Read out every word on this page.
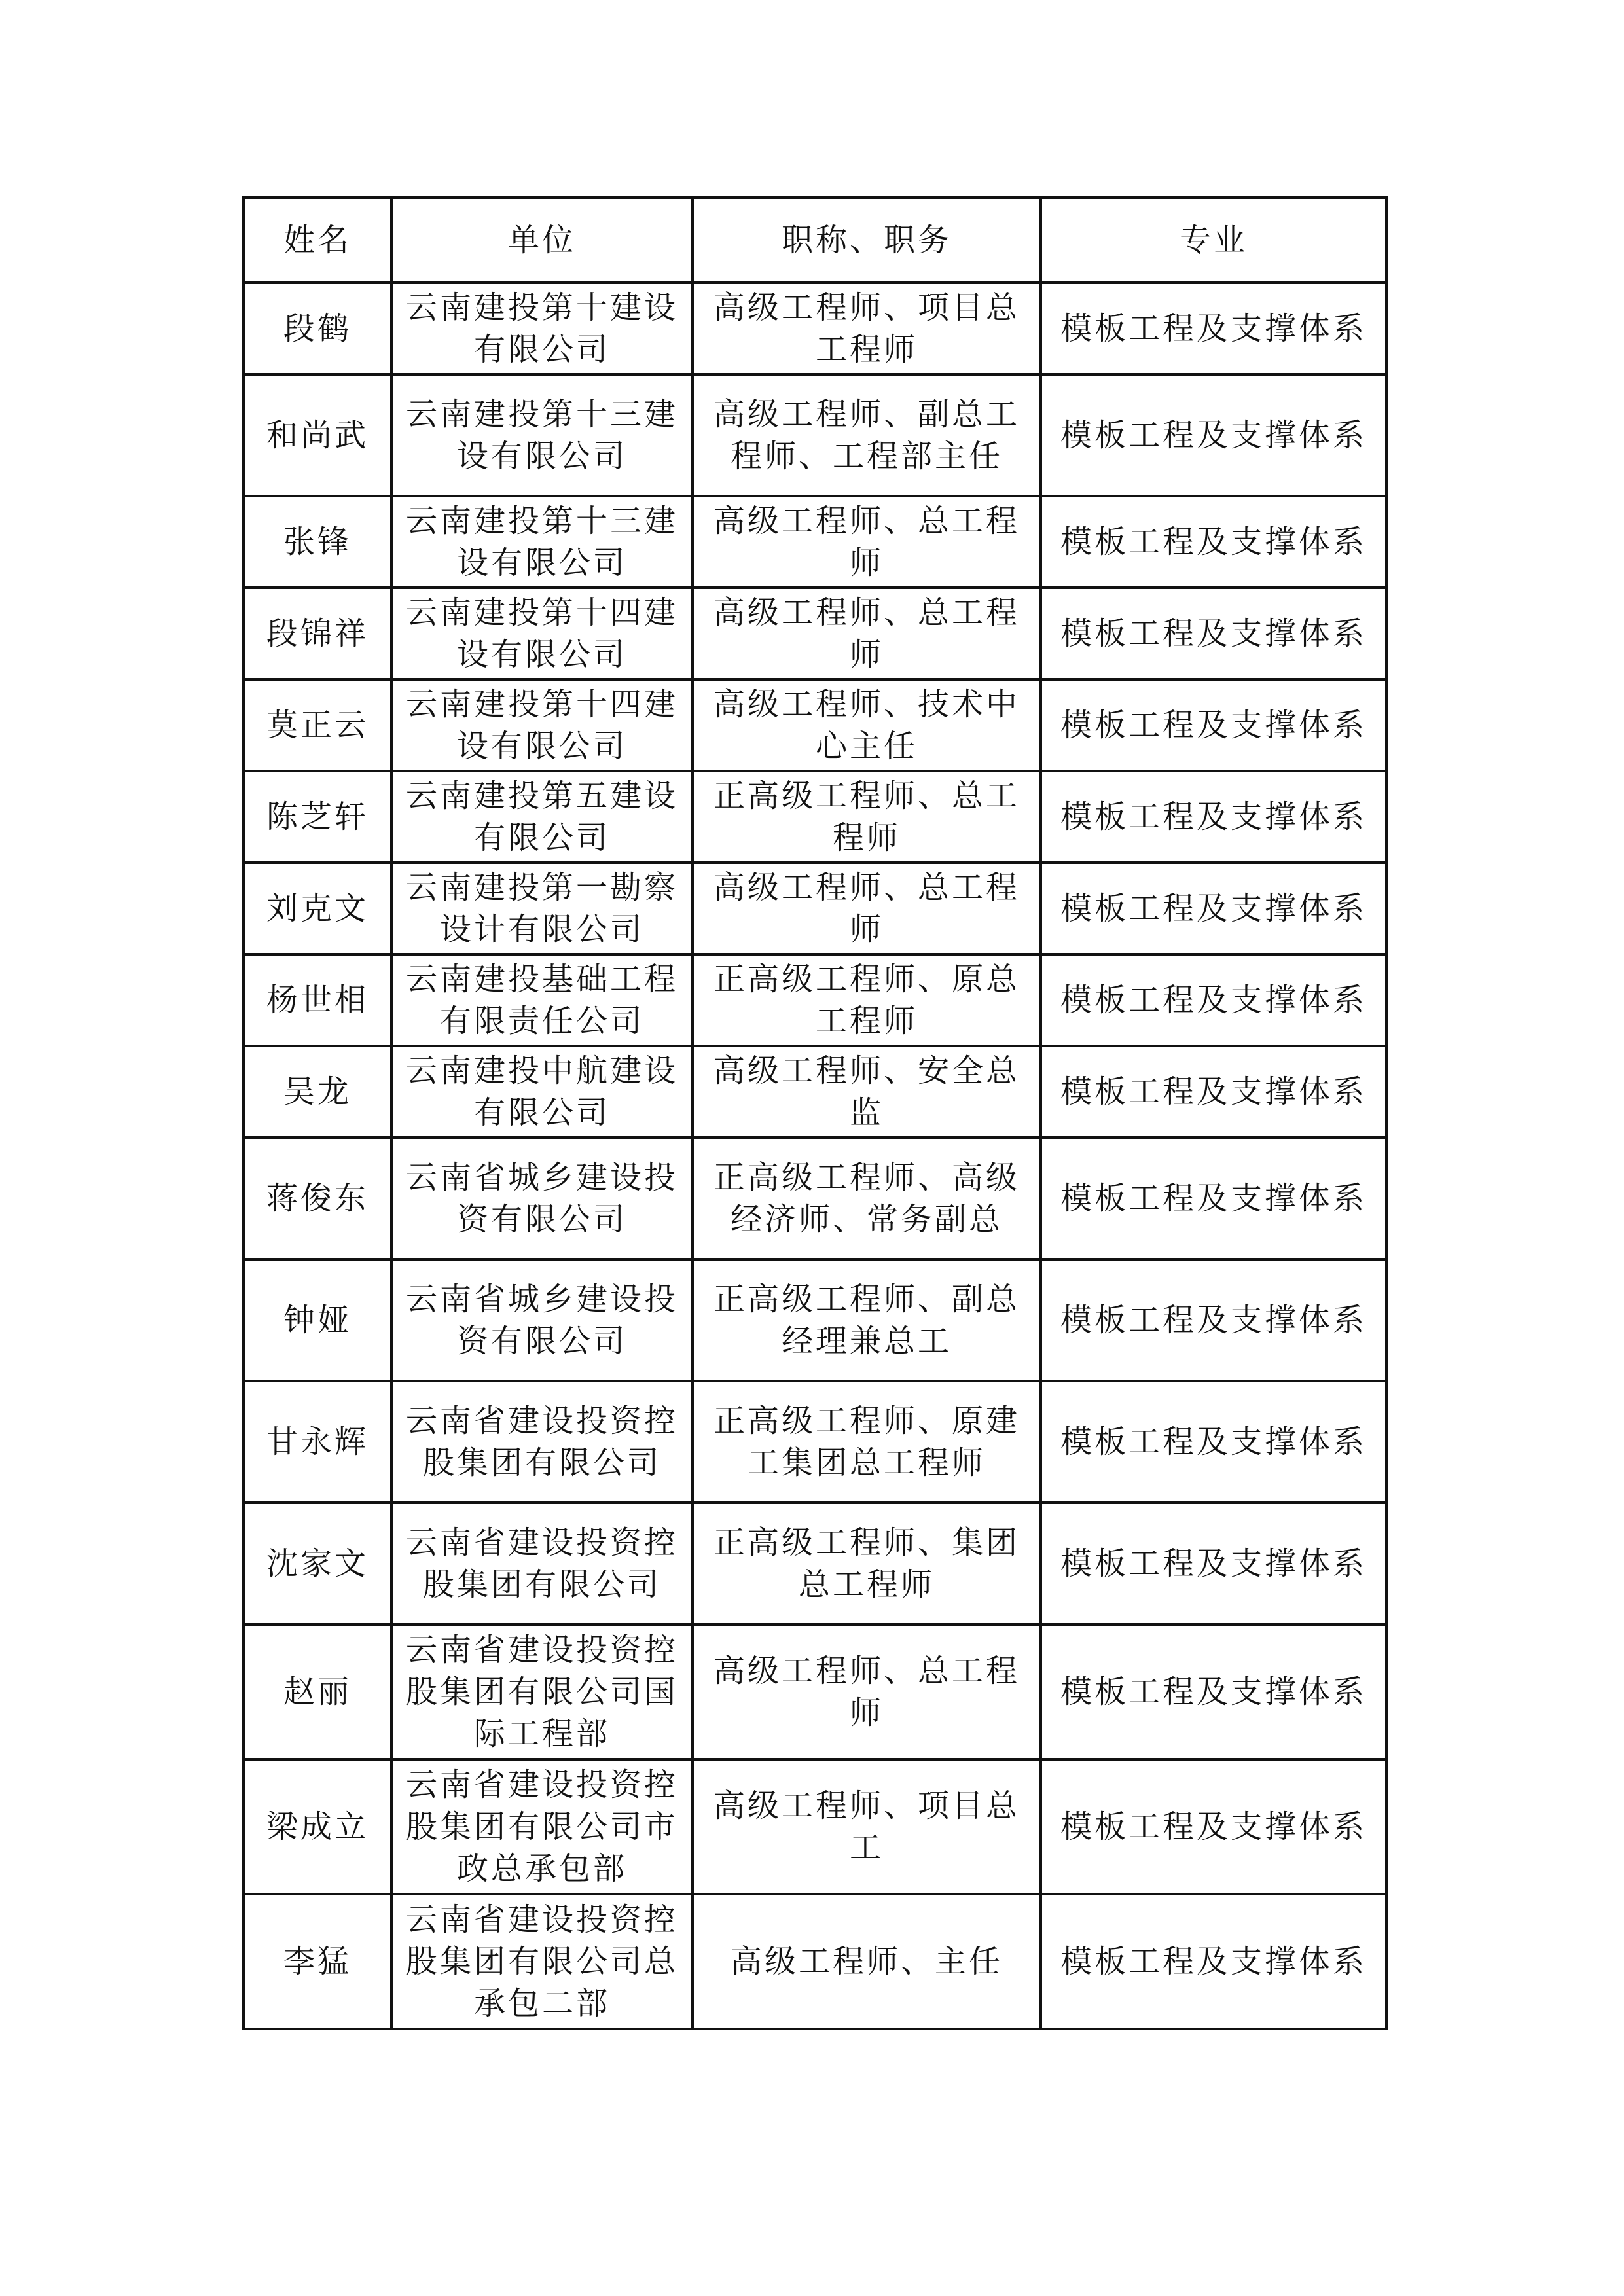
姓名	单位	职称、职务	专业
段鹤	云南建投第十建设有限公司	高级工程师、项目总工程师	模板工程及支撑体系
和尚武	云南建投第十三建设有限公司	高级工程师、副总工程师、工程部主任	模板工程及支撑体系
张锋	云南建投第十三建设有限公司	高级工程师、总工程师	模板工程及支撑体系
段锦祥	云南建投第十四建设有限公司	高级工程师、总工程师	模板工程及支撑体系
莫正云	云南建投第十四建设有限公司	高级工程师、技术中心主任	模板工程及支撑体系
陈芝轩	云南建投第五建设有限公司	正高级工程师、总工程师	模板工程及支撑体系
刘克文	云南建投第一勘察设计有限公司	高级工程师、总工程师	模板工程及支撑体系
杨世相	云南建投基础工程有限责任公司	正高级工程师、原总工程师	模板工程及支撑体系
吴龙	云南建投中航建设有限公司	高级工程师、安全总监	模板工程及支撑体系
蒋俊东	云南省城乡建设投资有限公司	正高级工程师、高级经济师、常务副总	模板工程及支撑体系
钟娅	云南省城乡建设投资有限公司	正高级工程师、副总经理兼总工	模板工程及支撑体系
甘永辉	云南省建设投资控股集团有限公司	正高级工程师、原建工集团总工程师	模板工程及支撑体系
沈家文	云南省建设投资控股集团有限公司	正高级工程师、集团总工程师	模板工程及支撑体系
赵丽	云南省建设投资控股集团有限公司国际工程部	高级工程师、总工程师	模板工程及支撑体系
梁成立	云南省建设投资控股集团有限公司市政总承包部	高级工程师、项目总工	模板工程及支撑体系
李猛	云南省建设投资控股集团有限公司总承包二部	高级工程师、主任	模板工程及支撑体系
